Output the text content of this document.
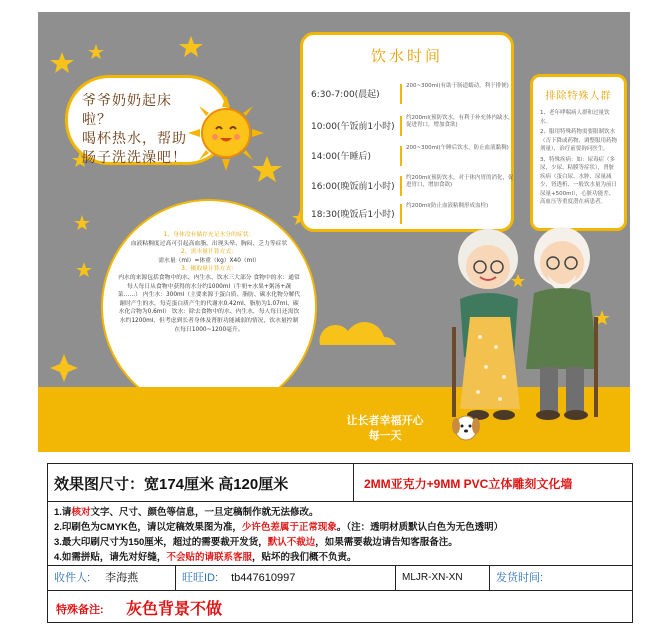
爷爷奶奶起床啦？
喝杯热水，帮助
肠子洗洗澡吧！
饮水时间
6:30-7:00(晨起)
200~300ml(有助于肠道蠕动，利于排便)
10:00(午饭前1小时)
约200ml(预防饮水，有利于补充体内缺水，促进胃口，增加食欲)
14:00(午睡后)
200~300ml(午睡后饮水，防止血液黏稠)
16:00(晚饭前1小时)
约200ml(预防饮水，对于体内胃的消化，促进胃口，增加食欲)
18:30(晚饭后1小时)
约200ml(防止血液粘稠形成血栓)
排除特殊人群
1、老年哮喘病人群和过量饮水。
2、服用特殊药物需要限制饮水（否下降或药物、调整服用药物剂量），治疗前要询问医生。
3、特殊疾病：如：尿毒症（多尿，少尿、粘膜等症状），肾脏疾病（蛋白尿、水肿、尿量减少、肾透析、一般饮水量为前日尿量+500ml），心脏功能差、高血压等重度潜在病患者。
1、身体没有储存充足水分的症状：
血液粘稠度过高可引起高血脂，出现头晕、胸闷、乏力等症状
2、需水量计算方式：
需水量（ml）=体重（kg）X40（ml）
3、摄取量计算方式：
内水的来源包括食物中的水、内生水、饮水三大部分 食物中的水：通常每人每日从食物中获得的水分约1000ml（牛奶+水果+粥汤+蔬菜……） 内生水：300ml（主要来源于蛋白质、脂肪、碳水化物分解代谢时产生的水，每克蛋白质产生的代谢水0.42ml、脂肪为1.07ml、碳水化合物为0.6ml） 饮水：除去食物中的水、内生水，每人每日还需饮水约1200ml，但考虑到长者身体及肾脏功能减弱的情况，饮水量控制在每日1000~1200毫升。
让长者幸福开心
每一天
效果图尺寸：宽174厘米 高120厘米	2MM亚克力+9MM PVC立体雕刻文化墙
1.请核对文字、尺寸、颜色等信息，一旦定稿制作就无法修改。
2.印刷色为CMYK色，请以定稿效果图为准，少许色差属于正常现象。（注：透明材质默认白色为无色透明）
3.最大印刷尺寸为150厘米，超过的需要裁开发货，默认不裁边，如果需要裁边请告知客服备注。
4.如需拼贴，请先对好缝，不会贴的请联系客服，贴坏的我们概不负责。
收件人: 李海燕	旺旺ID: tb447610997	MLJR-XN-XN	发货时间:
特殊备注: 灰色背景不做
